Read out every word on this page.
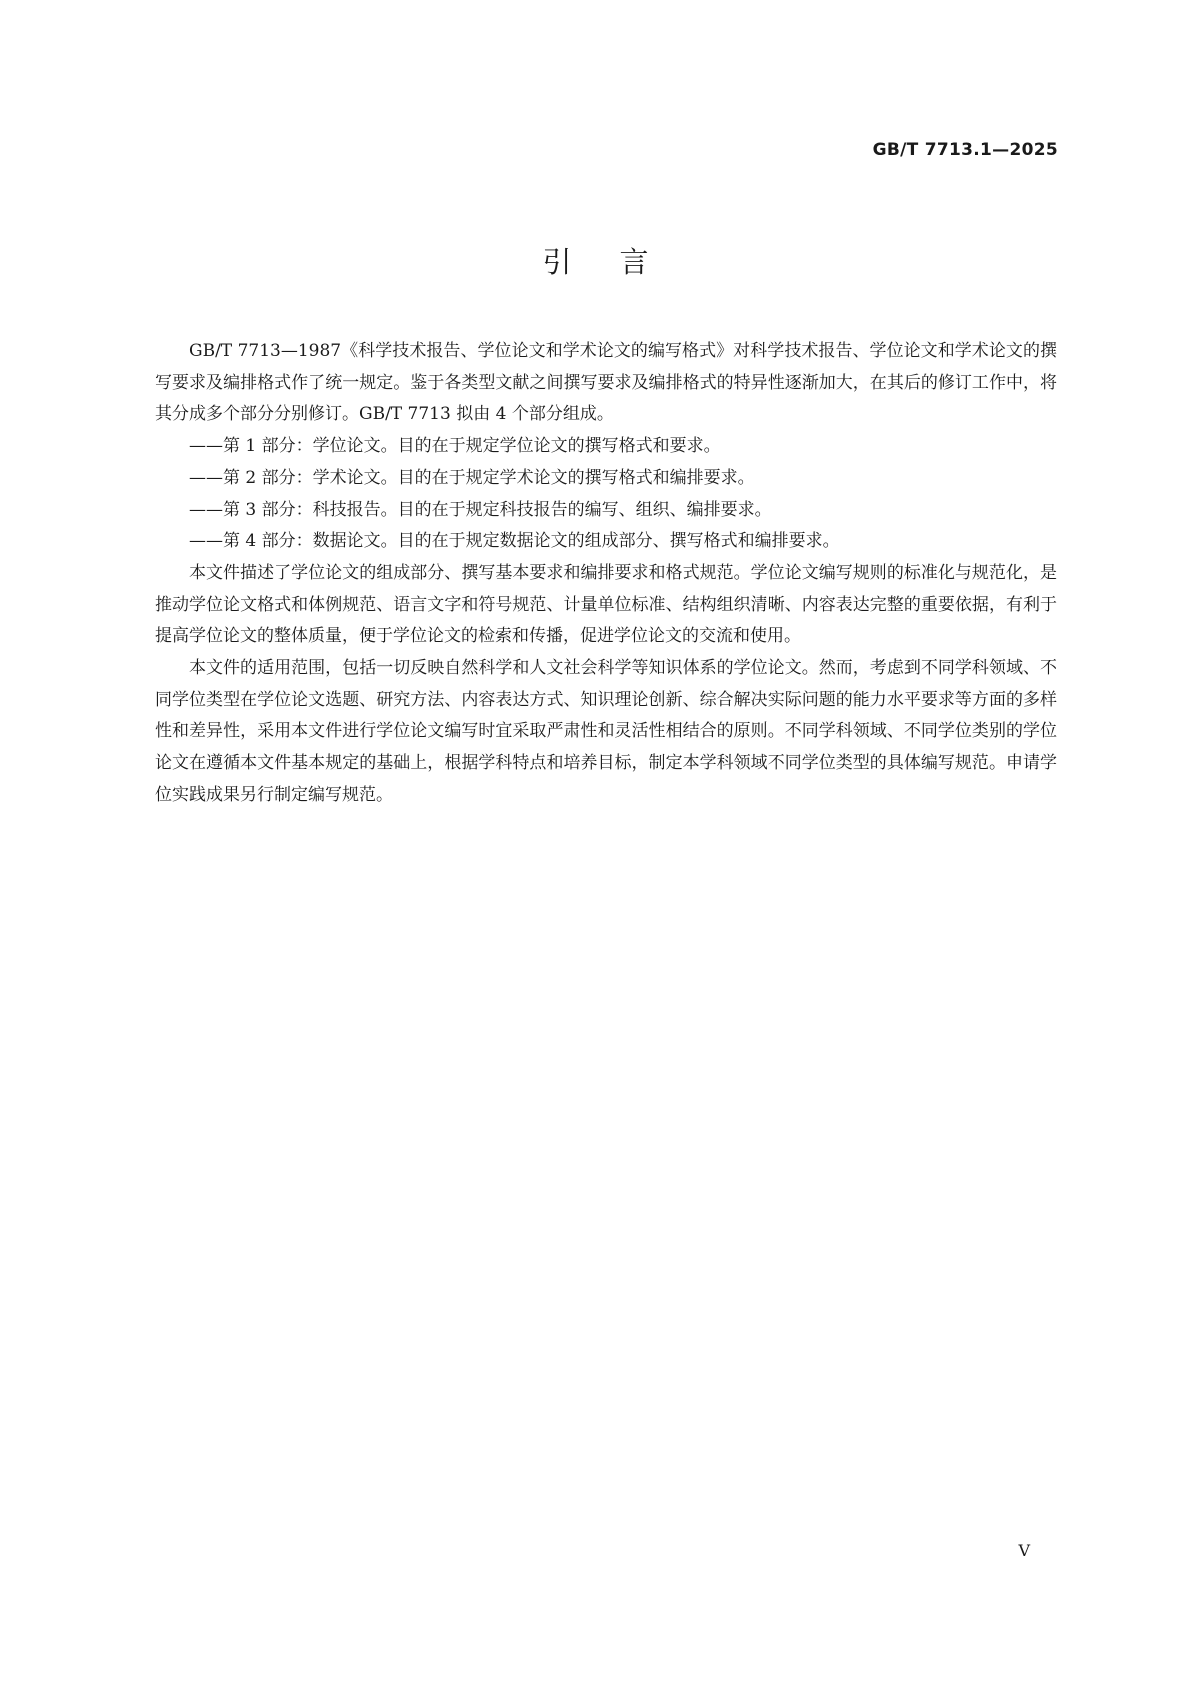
GB/T 7713.1—2025
引言

GB/T 7713—1987《科学技术报告、学位论文和学术论文的编写格式》对科学技术报告、学位论文和学术论文的撰写要求及编排格式作了统一规定。鉴于各类型文献之间撰写要求及编排格式的特异性逐渐加大，在其后的修订工作中，将其分成多个部分分别修订。GB/T 7713 拟由 4 个部分组成。

——第 1 部分：学位论文。目的在于规定学位论文的撰写格式和要求。

——第 2 部分：学术论文。目的在于规定学术论文的撰写格式和编排要求。

——第 3 部分：科技报告。目的在于规定科技报告的编写、组织、编排要求。

——第 4 部分：数据论文。目的在于规定数据论文的组成部分、撰写格式和编排要求。

本文件描述了学位论文的组成部分、撰写基本要求和编排要求和格式规范。学位论文编写规则的标准化与规范化，是推动学位论文格式和体例规范、语言文字和符号规范、计量单位标准、结构组织清晰、内容表达完整的重要依据，有利于提高学位论文的整体质量，便于学位论文的检索和传播，促进学位论文的交流和使用。

本文件的适用范围，包括一切反映自然科学和人文社会科学等知识体系的学位论文。然而，考虑到不同学科领域、不同学位类型在学位论文选题、研究方法、内容表达方式、知识理论创新、综合解决实际问题的能力水平要求等方面的多样性和差异性，采用本文件进行学位论文编写时宜采取严肃性和灵活性相结合的原则。不同学科领域、不同学位类别的学位论文在遵循本文件基本规定的基础上，根据学科特点和培养目标，制定本学科领域不同学位类型的具体编写规范。申请学位实践成果另行制定编写规范。

V
